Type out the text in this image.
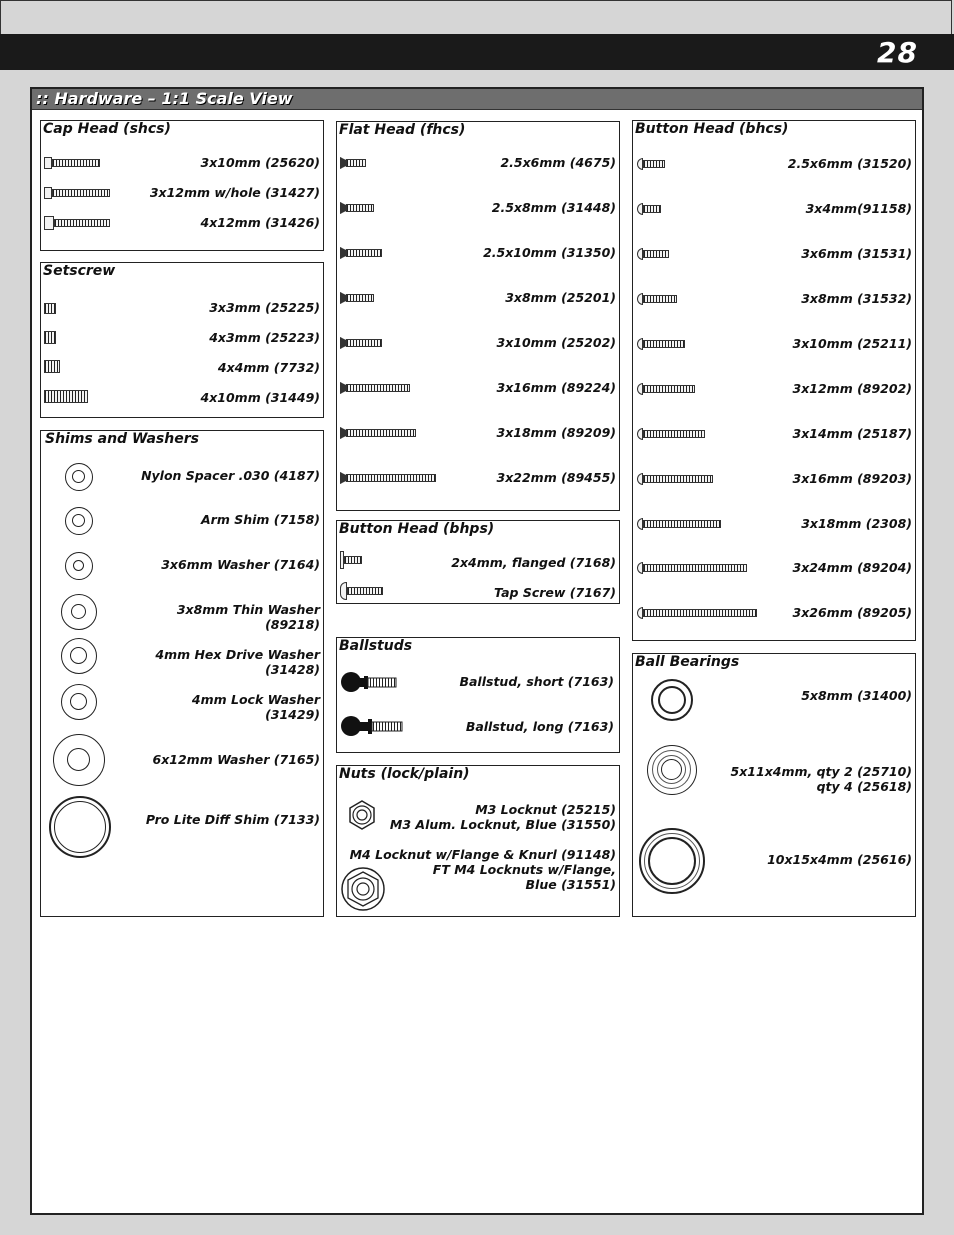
28
:: Hardware – 1:1 Scale View
Cap Head (shcs)
3x10mm (25620)
3x12mm w/hole (31427)
4x12mm (31426)
Setscrew
3x3mm (25225)
4x3mm (25223)
4x4mm (7732)
4x10mm (31449)
Shims and Washers
Nylon Spacer .030 (4187)
Arm Shim (7158)
3x6mm Washer (7164)
3x8mm Thin Washer
(89218)
4mm Hex Drive Washer
(31428)
4mm Lock Washer
(31429)
6x12mm Washer (7165)
Pro Lite Diff Shim (7133)
Flat Head (fhcs)
2.5x6mm (4675)
2.5x8mm (31448)
2.5x10mm (31350)
3x8mm (25201)
3x10mm (25202)
3x16mm (89224)
3x18mm (89209)
3x22mm (89455)
Button Head (bhps)
2x4mm, flanged (7168)
Tap Screw (7167)
Ballstuds
Ballstud, short (7163)
Ballstud, long (7163)
Nuts (lock/plain)
M3 Locknut (25215)
M3 Alum. Locknut, Blue (31550)
M4 Locknut w/Flange & Knurl (91148)
FT M4 Locknuts w/Flange,
Blue (31551)
Button Head (bhcs)
2.5x6mm (31520)
3x4mm(91158)
3x6mm (31531)
3x8mm (31532)
3x10mm (25211)
3x12mm (89202)
3x14mm (25187)
3x16mm (89203)
3x18mm (2308)
3x24mm (89204)
3x26mm (89205)
Ball Bearings
5x8mm (31400)
5x11x4mm, qty 2 (25710)
qty 4 (25618)
10x15x4mm (25616)
